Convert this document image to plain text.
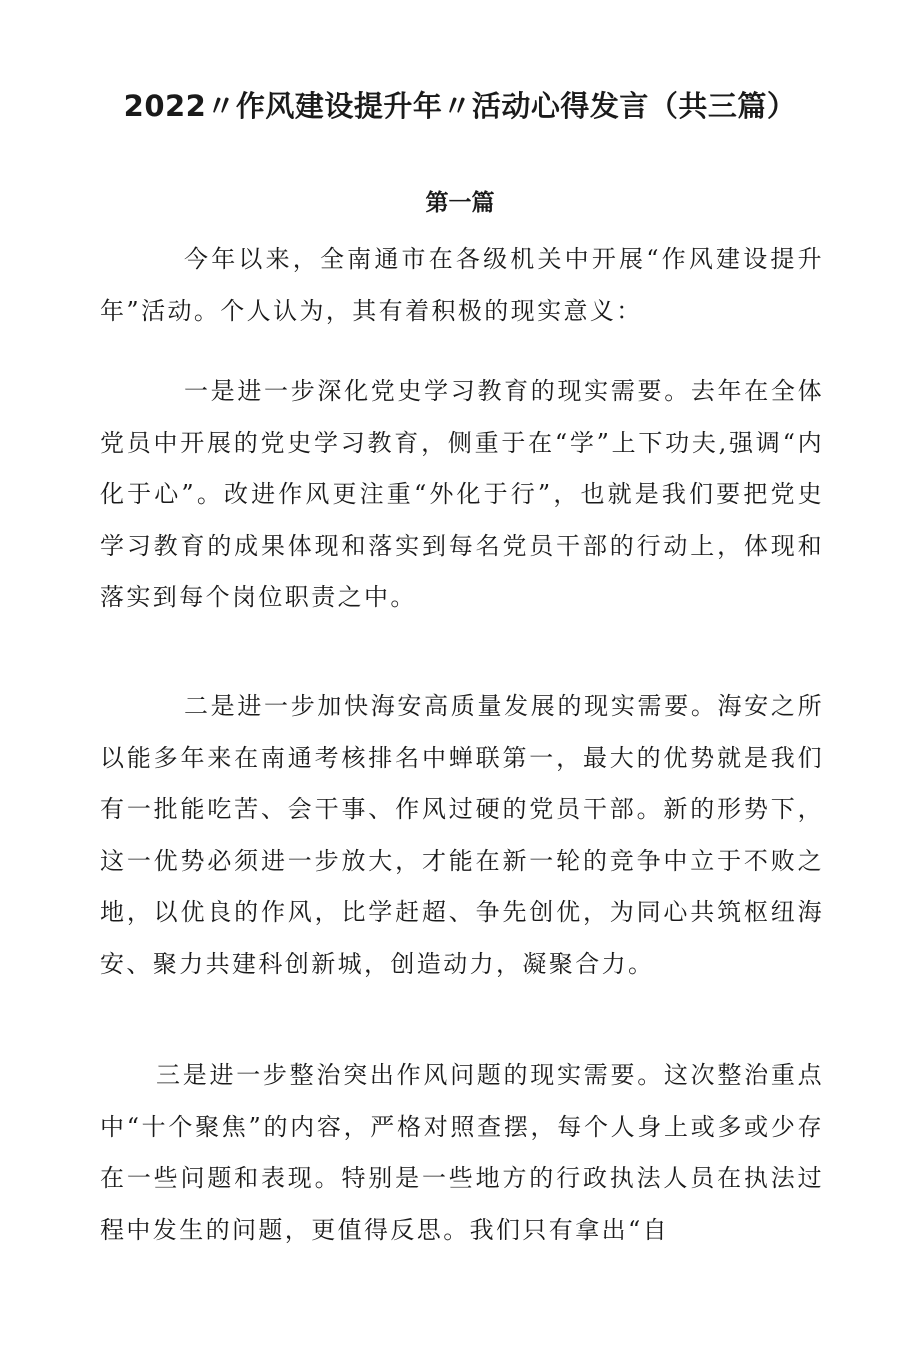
2022〃作风建设提升年〃活动心得发言（共三篇）
第一篇

今年以来，全南通市在各级机关中开展“作风建设提升年”活动。个人认为，其有着积极的现实意义：

一是进一步深化党史学习教育的现实需要。去年在全体党员中开展的党史学习教育，侧重于在“学”上下功夫,强调“内化于心”。改进作风更注重“外化于行”，也就是我们要把党史学习教育的成果体现和落实到每名党员干部的行动上，体现和落实到每个岗位职责之中。

二是进一步加快海安高质量发展的现实需要。海安之所以能多年来在南通考核排名中蝉联第一，最大的优势就是我们有一批能吃苦、会干事、作风过硬的党员干部。新的形势下，这一优势必须进一步放大，才能在新一轮的竞争中立于不败之地，以优良的作风，比学赶超、争先创优，为同心共筑枢纽海安、聚力共建科创新城，创造动力，凝聚合力。

三是进一步整治突出作风问题的现实需要。这次整治重点中“十个聚焦”的内容，严格对照查摆，每个人身上或多或少存在一些问题和表现。特别是一些地方的行政执法人员在执法过程中发生的问题，更值得反思。我们只有拿出“自
